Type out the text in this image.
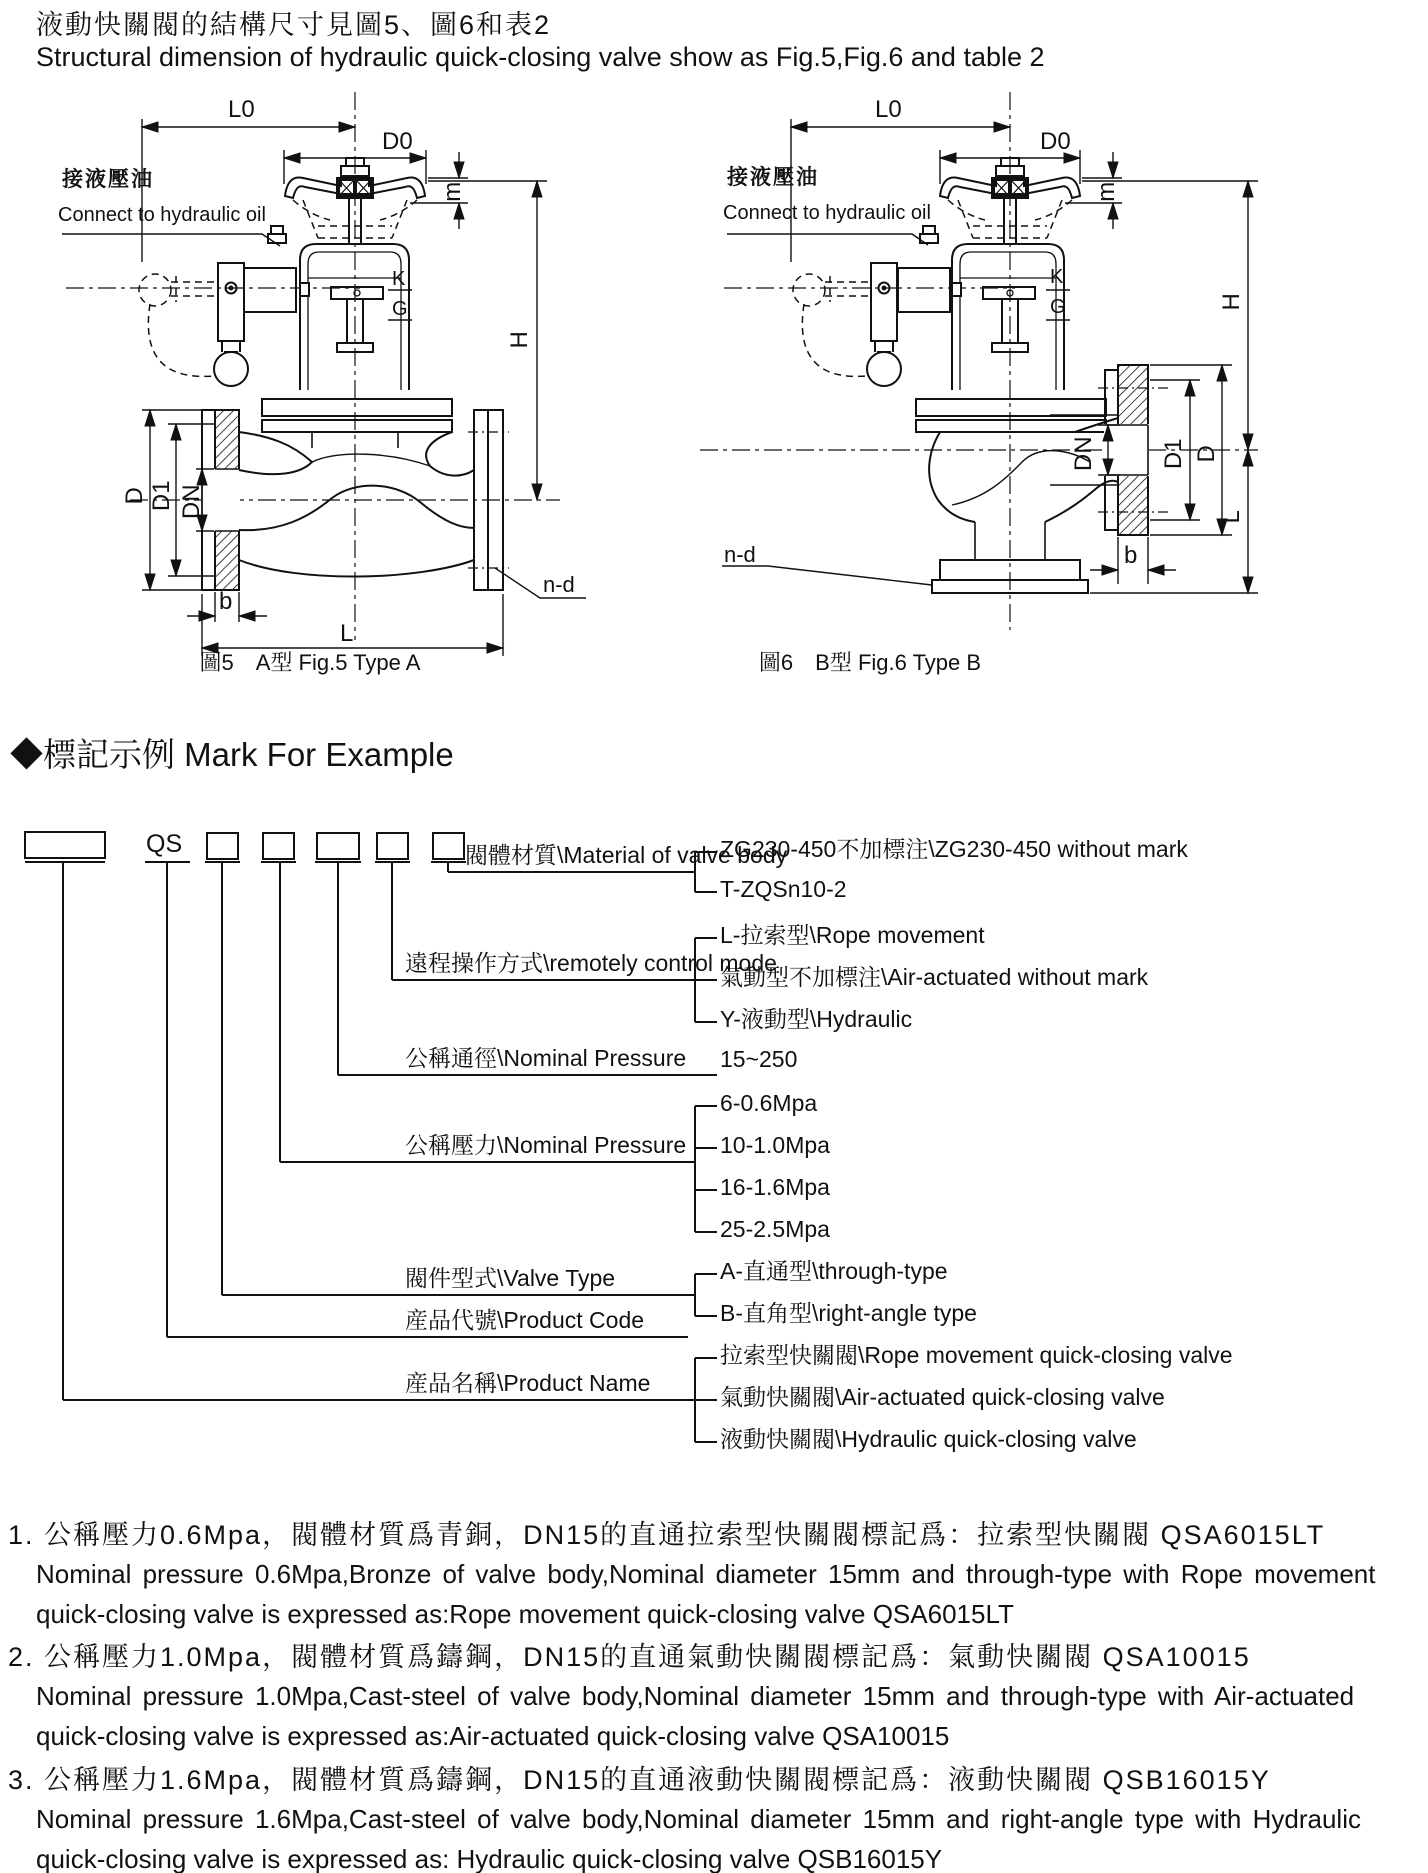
液動快關閥的結構尺寸見圖5、圖6和表2
Structural dimension of hydraulic quick-closing valve show as Fig.5,Fig.6 and table 2
L0
D0
m
H
K
G
接液壓油
Connect to hydraulic oil
D D1 DN
b
L
n-d
圖5　A型 Fig.5 Type A
L0
D0
m
H
L
K
G
接液壓油
Connect to hydraulic oil
DN	D1 D
b
n-d
圖6　B型 Fig.6 Type B
◆標記示例 Mark For Example
QS	閥體材質\Material of valve body
遠程操作方式\remotely control mode
公稱通徑\Nominal Pressure
公稱壓力\Nominal Pressure
閥件型式\Valve Type
産品代號\Product Code
産品名稱\Product Name
ZG230-450不加標注\ZG230-450 without mark
T-ZQSn10-2
L-拉索型\Rope movement
氣動型不加標注\Air-actuated without mark
Y-液動型\Hydraulic
15~250
6-0.6Mpa
10-1.0Mpa
16-1.6Mpa
25-2.5Mpa
A-直通型\through-type
B-直角型\right-angle type
拉索型快關閥\Rope movement quick-closing valve
氣動快關閥\Air-actuated quick-closing valve
液動快關閥\Hydraulic quick-closing valve
1. 公稱壓力0.6Mpa，閥體材質爲青銅，DN15的直通拉索型快關閥標記爲：拉索型快關閥 QSA6015LT
Nominal pressure 0.6Mpa,Bronze of valve body,Nominal diameter 15mm and through-type with Rope movement
quick-closing valve is expressed as:Rope movement quick-closing valve QSA6015LT
2. 公稱壓力1.0Mpa，閥體材質爲鑄鋼，DN15的直通氣動快關閥標記爲：氣動快關閥 QSA10015
Nominal pressure 1.0Mpa,Cast-steel of valve body,Nominal diameter 15mm and through-type with Air-actuated
quick-closing valve is expressed as:Air-actuated quick-closing valve QSA10015
3. 公稱壓力1.6Mpa，閥體材質爲鑄鋼，DN15的直通液動快關閥標記爲：液動快關閥 QSB16015Y
Nominal pressure 1.6Mpa,Cast-steel of valve body,Nominal diameter 15mm and right-angle type with Hydraulic
quick-closing valve is expressed as: Hydraulic quick-closing valve QSB16015Y
